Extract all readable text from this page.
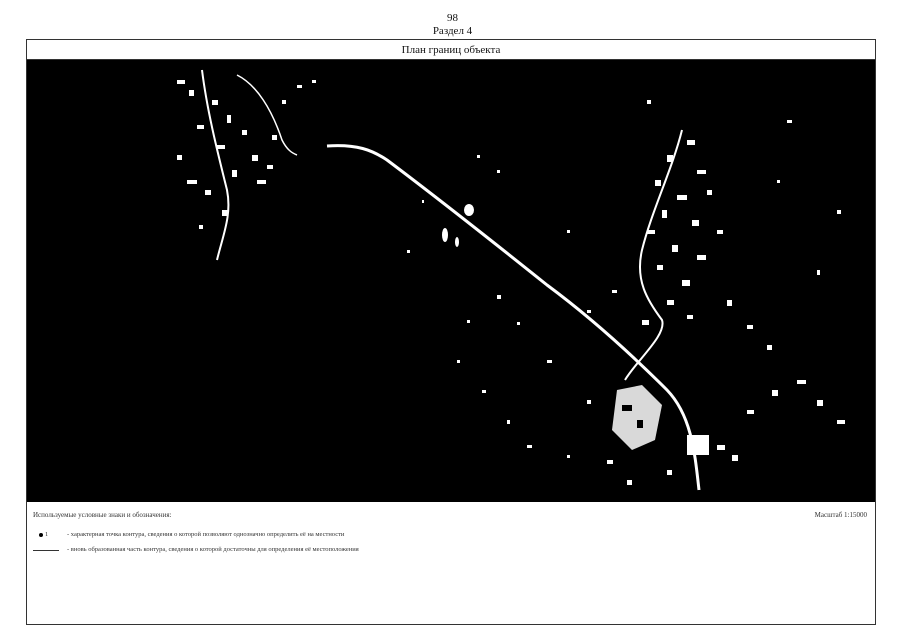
98
Раздел 4
План границ объекта
Используемые условные знаки и обозначения:	Масштаб 1:15000
1	- характерная точка контура, сведения о которой позволяют однозначно определить её на местности
- вновь образованная часть контура, сведения о которой достаточны для определения её местоположения
